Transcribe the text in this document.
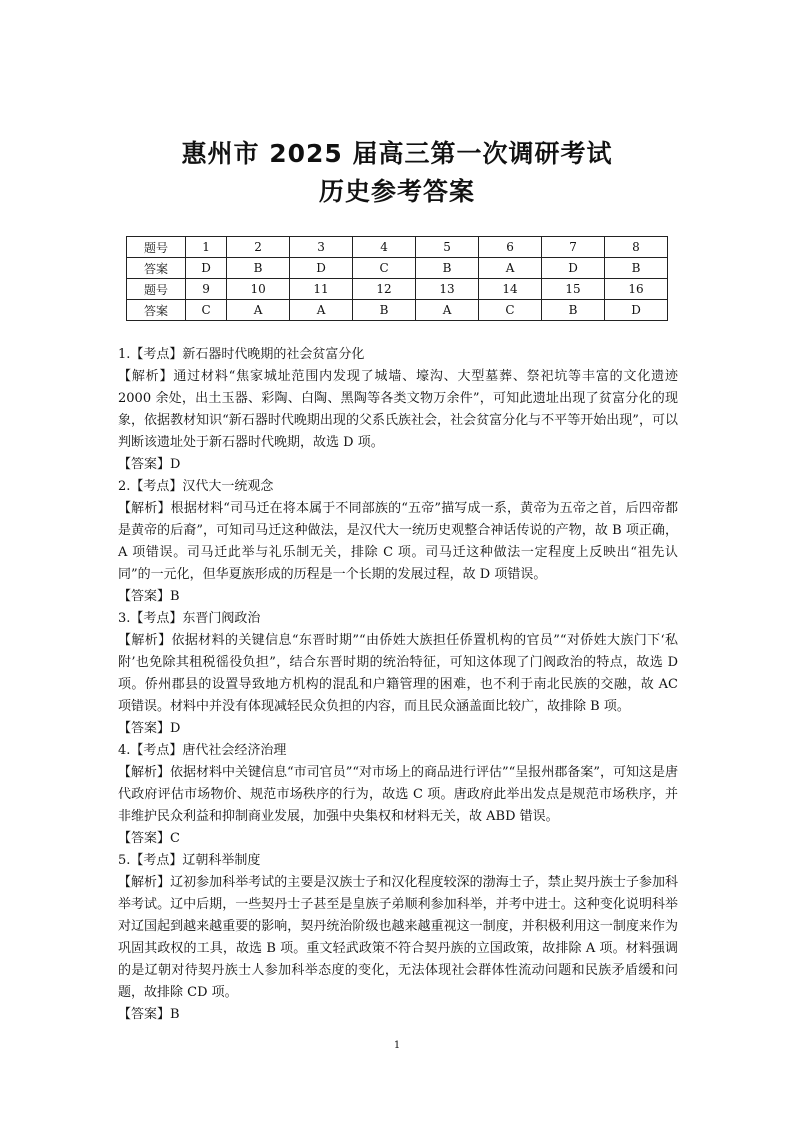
惠州市 2025 届高三第一次调研考试
历史参考答案
题号	1	2	3	4	5	6	7	8
答案	D	B	D	C	B	A	D	B
题号	9	10	11	12	13	14	15	16
答案	C	A	A	B	A	C	B	D

1.【考点】新石器时代晚期的社会贫富分化

【解析】通过材料“焦家城址范围内发现了城墙、壕沟、大型墓葬、祭祀坑等丰富的文化遗迹 2000 余处，出土玉器、彩陶、白陶、黑陶等各类文物万余件”，可知此遗址出现了贫富分化的现象，依据教材知识“新石器时代晚期出现的父系氏族社会，社会贫富分化与不平等开始出现”，可以判断该遗址处于新石器时代晚期，故选 D 项。

【答案】D

2.【考点】汉代大一统观念

【解析】根据材料“司马迁在将本属于不同部族的“五帝”描写成一系，黄帝为五帝之首，后四帝都是黄帝的后裔”，可知司马迁这种做法，是汉代大一统历史观整合神话传说的产物，故 B 项正确，A 项错误。司马迁此举与礼乐制无关，排除 C 项。司马迁这种做法一定程度上反映出“祖先认同”的一元化，但华夏族形成的历程是一个长期的发展过程，故 D 项错误。

【答案】B

3.【考点】东晋门阀政治

【解析】依据材料的关键信息“东晋时期”“由侨姓大族担任侨置机构的官员”“对侨姓大族门下‘私附’也免除其租税徭役负担”，结合东晋时期的统治特征，可知这体现了门阀政治的特点，故选 D 项。侨州郡县的设置导致地方机构的混乱和户籍管理的困难，也不利于南北民族的交融，故 AC 项错误。材料中并没有体现减轻民众负担的内容，而且民众涵盖面比较广，故排除 B 项。

【答案】D

4.【考点】唐代社会经济治理

【解析】依据材料中关键信息“市司官员”“对市场上的商品进行评估”“呈报州郡备案”，可知这是唐代政府评估市场物价、规范市场秩序的行为，故选 C 项。唐政府此举出发点是规范市场秩序，并非维护民众利益和抑制商业发展，加强中央集权和材料无关，故 ABD 错误。

【答案】C

5.【考点】辽朝科举制度

【解析】辽初参加科举考试的主要是汉族士子和汉化程度较深的渤海士子，禁止契丹族士子参加科举考试。辽中后期，一些契丹士子甚至是皇族子弟顺利参加科举，并考中进士。这种变化说明科举对辽国起到越来越重要的影响，契丹统治阶级也越来越重视这一制度，并积极利用这一制度来作为巩固其政权的工具，故选 B 项。重文轻武政策不符合契丹族的立国政策，故排除 A 项。材料强调的是辽朝对待契丹族士人参加科举态度的变化，无法体现社会群体性流动问题和民族矛盾缓和问题，故排除 CD 项。

【答案】B

1
